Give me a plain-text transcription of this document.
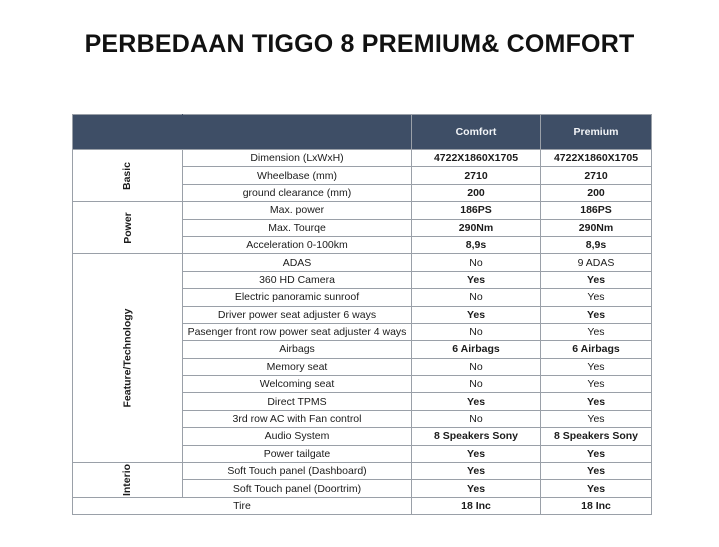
PERBEDAAN TIGGO 8 PREMIUM& COMFORT
		Comfort	Premium
Basic	Dimension (LxWxH)	4722X1860X1705	4722X1860X1705
	Wheelbase (mm)	2710	2710
	ground clearance (mm)	200	200
Power	Max. power	186PS	186PS
	Max. Tourqe	290Nm	290Nm
	Acceleration 0-100km	8,9s	8,9s
Feature/Technology	ADAS	No	9 ADAS
	360 HD Camera	Yes	Yes
	Electric panoramic sunroof	No	Yes
	Driver power seat adjuster 6 ways	Yes	Yes
	Pasenger front row power seat adjuster 4 ways	No	Yes
	Airbags	6 Airbags	6 Airbags
	Memory seat	No	Yes
	Welcoming seat	No	Yes
	Direct TPMS	Yes	Yes
	3rd row AC with Fan control	No	Yes
	Audio System	8 Speakers Sony	8 Speakers Sony
	Power tailgate	Yes	Yes
Interio	Soft Touch panel (Dashboard)	Yes	Yes
	Soft Touch panel (Doortrim)	Yes	Yes
Tire		18 Inc	18 Inc
